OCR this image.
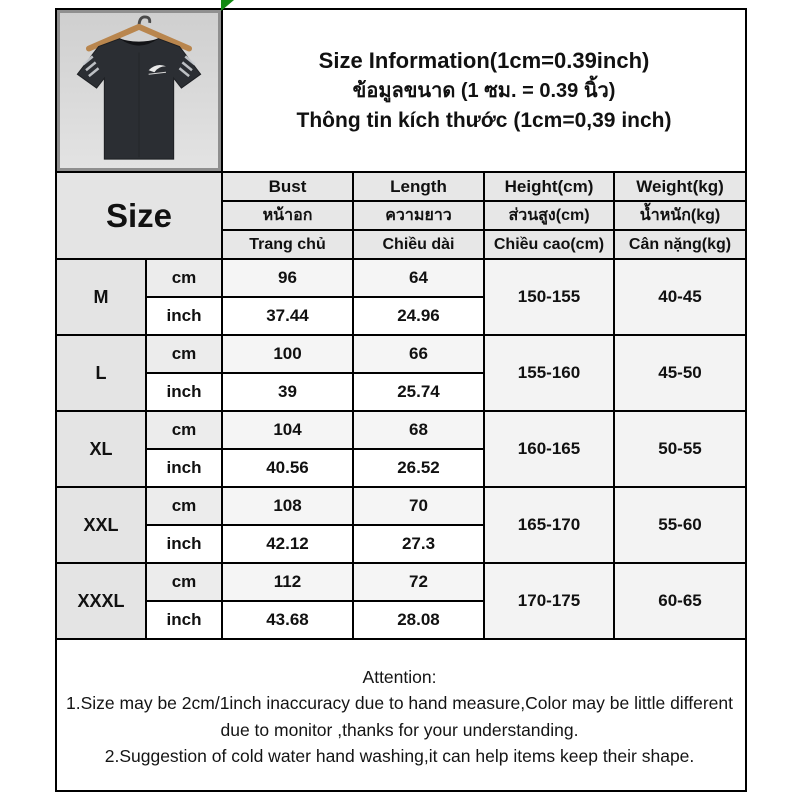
Size Information(1cm=0.39inch)
ข้อมูลขนาด (1 ซม. = 0.39 นิ้ว)
Thông tin kích thước (1cm=0,39 inch)			

Size		Bust	Length	Height(cm)	Weight(kg)
		หน้าอก	ความยาว	ส่วนสูง(cm)	น้ำหนัก(kg)
		Trang chủ	Chiều dài	Chiều cao(cm)	Cân nặng(kg)
M	cm	96	64	150-155	40-45
	inch	37.44	24.96		
L	cm	100	66	155-160	45-50
	inch	39	25.74		
XL	cm	104	68	160-165	50-55
	inch	40.56	26.52		
XXL	cm	108	70	165-170	55-60
	inch	42.12	27.3		
XXXL	cm	112	72	170-175	60-65
	inch	43.68	28.08		

Attention:
1.Size may be 2cm/1inch inaccuracy due to hand measure,Color may be little different due to monitor ,thanks for your understanding.
2.Suggestion of cold water hand washing,it can help items keep their shape.					
